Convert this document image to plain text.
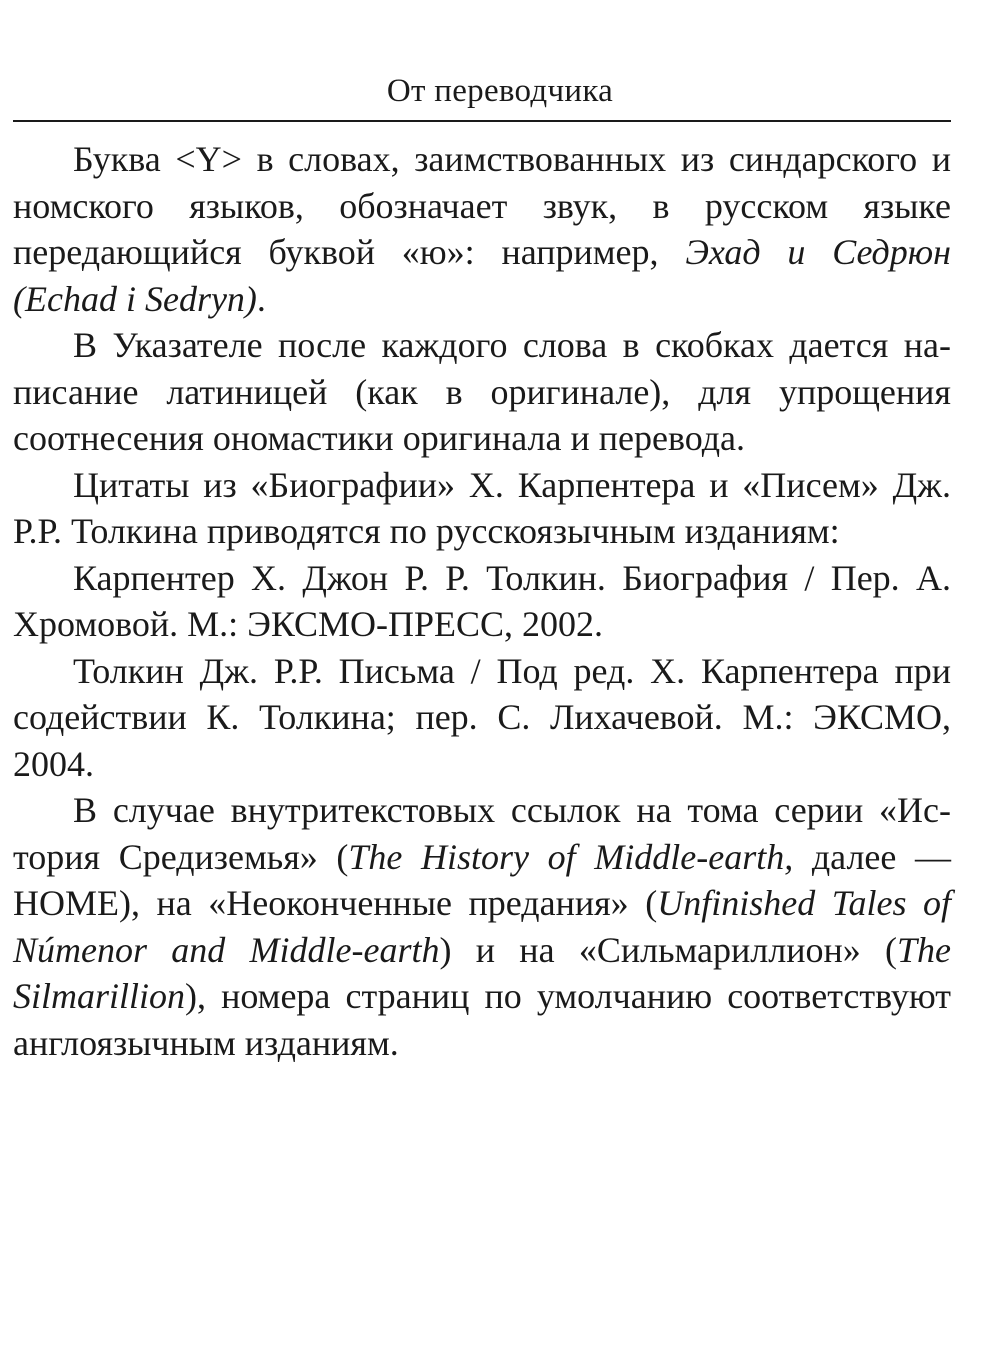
От переводчика

Буква <Y> в словах, заимствованных из синдарского и номского языков, обозначает звук, в русском языке передающийся буквой «ю»: например, Эхад и Седрюн (Echad i Sedryn).

В Указателе после каждого слова в скобках дается написание латиницей (как в оригинале), для упрощения соотнесения ономастики оригинала и перевода.

Цитаты из «Биографии» Х. Карпентера и «Писем» Дж. Р.Р. Толкина приводятся по русскоязычным изданиям:

Карпентер Х. Джон Р. Р. Толкин. Биография / Пер. А. Хромовой. М.: ЭКСМО-ПРЕСС, 2002.

Толкин Дж. Р.Р. Письма / Под ред. Х. Карпентера при содействии К. Толкина; пер. С. Лихачевой. М.: ЭКСМО, 2004.

В случае внутритекстовых ссылок на тома серии «История Средиземья» (The History of Middle-earth, далее — HOME), на «Неоконченные предания» (Unfinished Tales of Númenor and Middle-earth) и на «Сильмариллион» (The Silmarillion), номера страниц по умолчанию соответствуют англоязычным изданиям.
